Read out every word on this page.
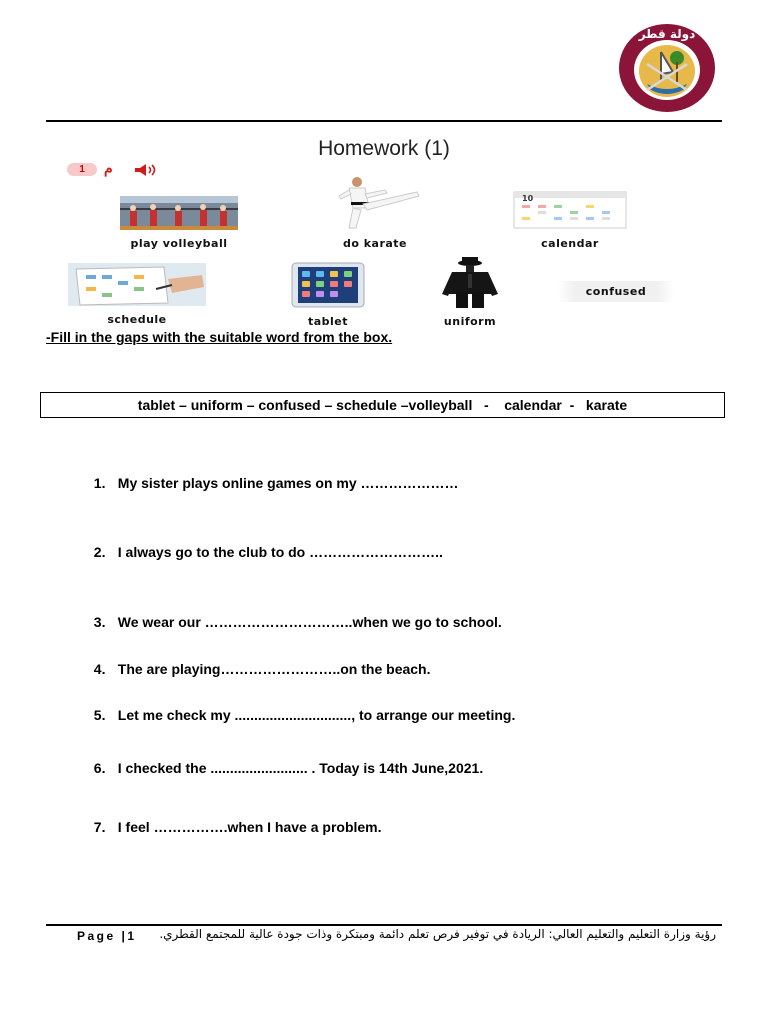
دولة قطر
Homework (1)
1	م
play volleyball	do karate
10
calendar
schedule	tablet	uniform
confused
-Fill in the gaps with the suitable word from the box.
tablet – uniform – confused – schedule –volleyball   -    calendar  -   karate

1. My sister plays online games on my …………………

2. I always go to the club to do ………………………..

3. We wear our …………………………..when we go to school.

4. The are playing……………………..on the beach.

5. Let me check my .............................., to arrange our meeting.

6. I checked the ......................... . Today is 14th June,2021.

7. I feel …………….when I have a problem.

Page |1 رؤية وزارة التعليم والتعليم العالي: الريادة في توفير فرص تعلم دائمة ومبتكرة وذات جودة عالية للمجتمع القطري.
